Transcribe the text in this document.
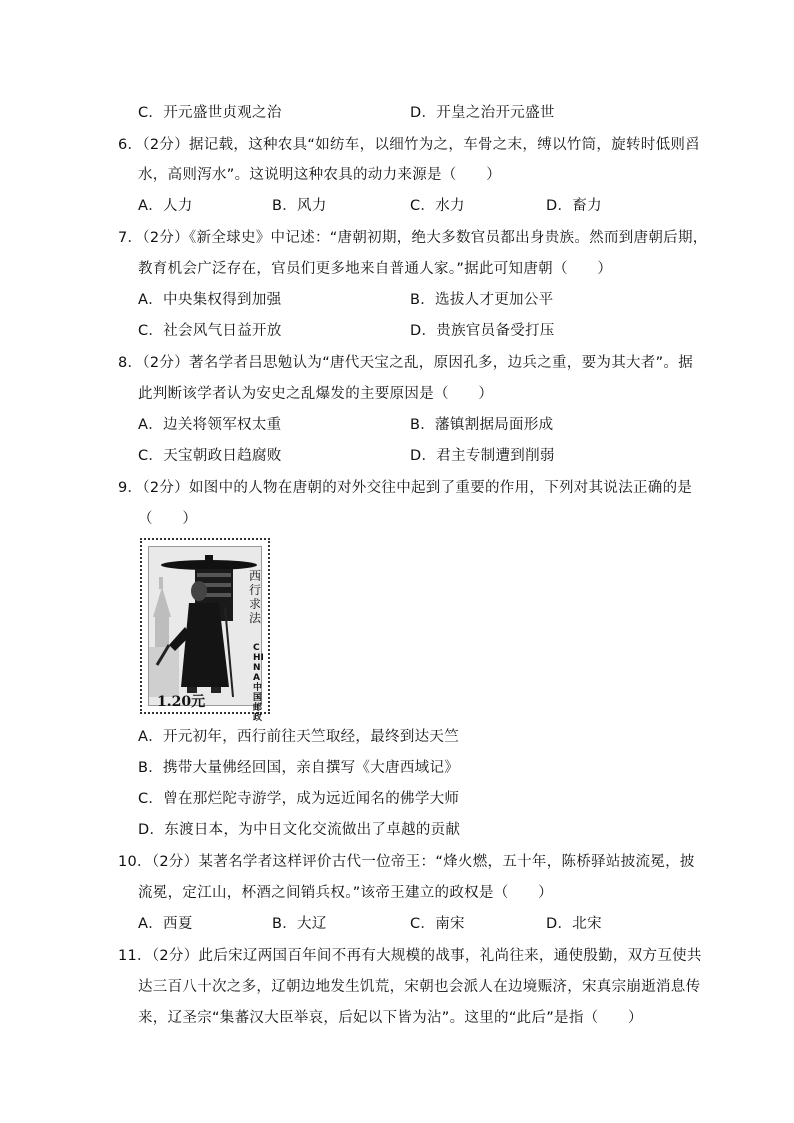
C．开元盛世贞观之治	D．开皇之治开元盛世
6．（2分）据记载，这种农具“如纺车，以细竹为之，车骨之末，缚以竹筒，旋转时低则舀
水，高则泻水”。这说明这种农具的动力来源是（　　）
A．人力	B．风力	C．水力	D．畜力
7．（2分）《新全球史》中记述：“唐朝初期，绝大多数官员都出身贵族。然而到唐朝后期，
教育机会广泛存在，官员们更多地来自普通人家。”据此可知唐朝（　　）
A．中央集权得到加强	B．选拔人才更加公平
C．社会风气日益开放	D．贵族官员备受打压
8．（2分）著名学者吕思勉认为“唐代天宝之乱，原因孔多，边兵之重，要为其大者”。据
此判断该学者认为安史之乱爆发的主要原因是（　　）
A．边关将领军权太重	B．藩镇割据局面形成
C．天宝朝政日趋腐败	D．君主专制遭到削弱
9．（2分）如图中的人物在唐朝的对外交往中起到了重要的作用，下列对其说法正确的是
（　　）
A．开元初年，西行前往天竺取经，最终到达天竺
B．携带大量佛经回国，亲自撰写《大唐西域记》
C．曾在那烂陀寺游学，成为远近闻名的佛学大师
D．东渡日本，为中日文化交流做出了卓越的贡献
10．（2分）某著名学者这样评价古代一位帝王：“烽火燃，五十年，陈桥驿站披流冕，披
流冕，定江山，杯酒之间销兵权。”该帝王建立的政权是（　　）
A．西夏	B．大辽	C．南宋	D．北宋
11．（2分）此后宋辽两国百年间不再有大规模的战事，礼尚往来，通使殷勤，双方互使共
达三百八十次之多，辽朝边地发生饥荒，宋朝也会派人在边境赈济，宋真宗崩逝消息传
来，辽圣宗“集蕃汉大臣举哀，后妃以下皆为沾”。这里的“此后”是指（　　）
西行求法
CHINA中国邮政
1.20元
